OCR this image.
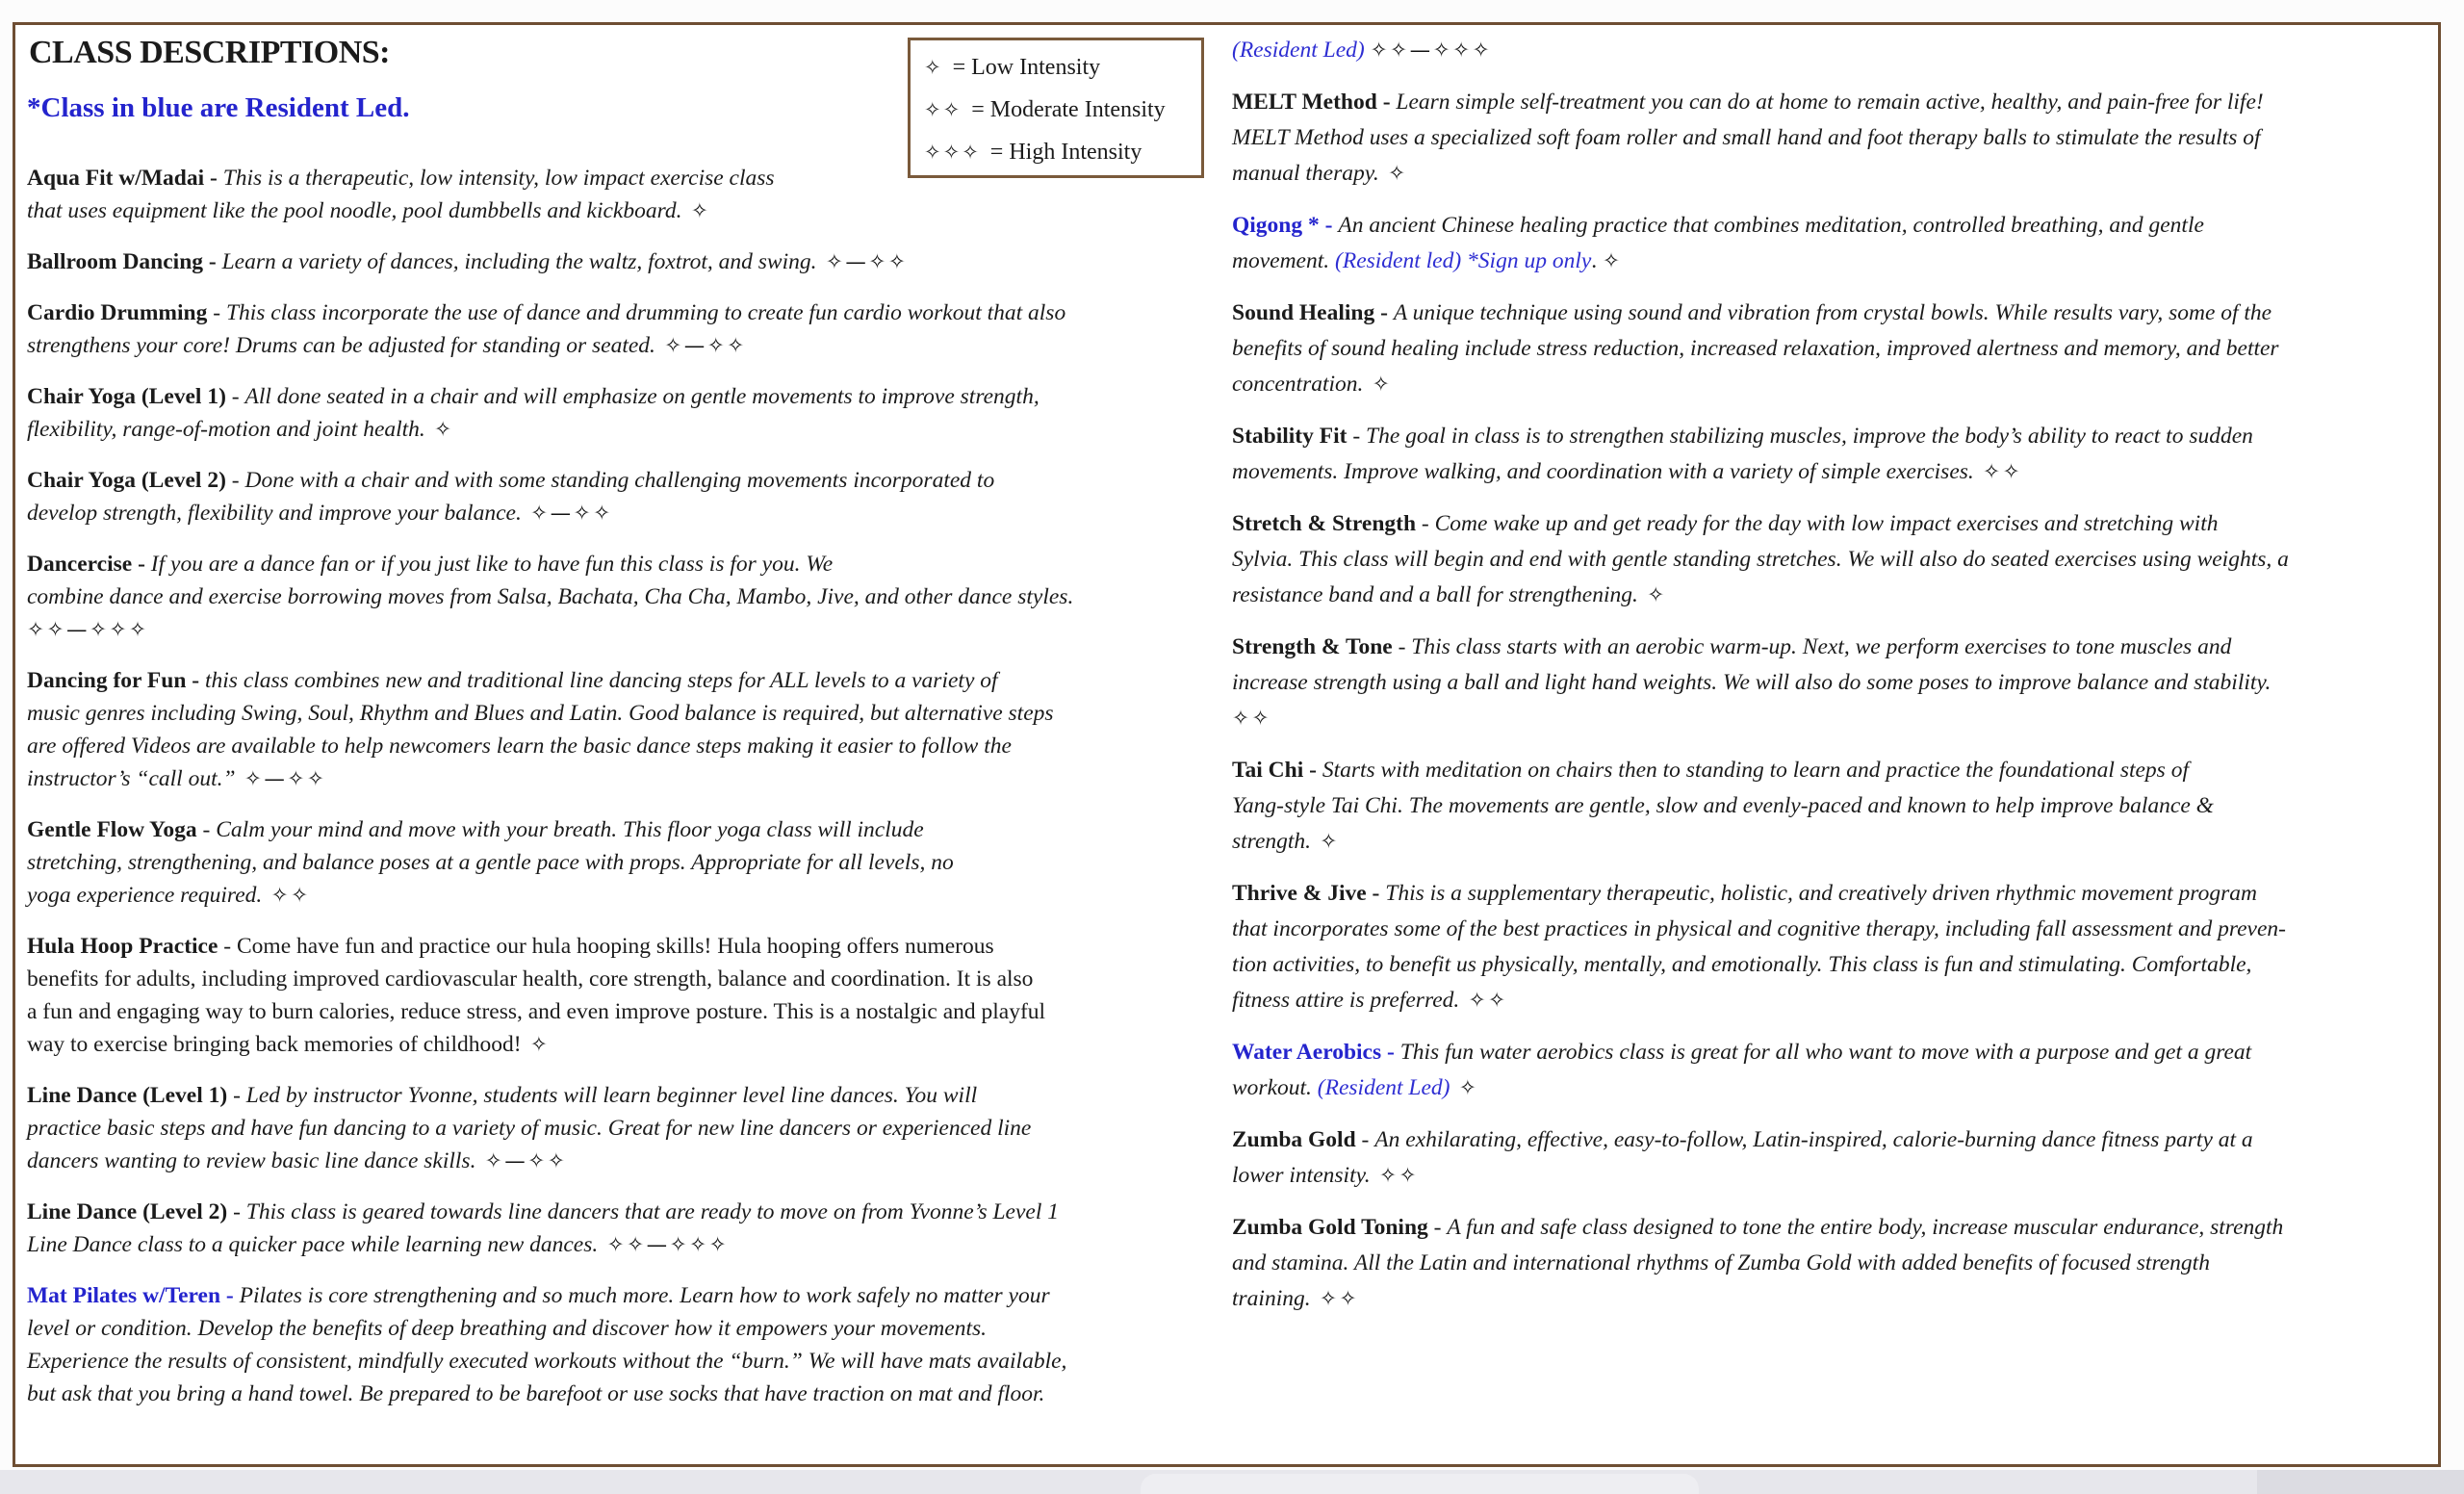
CLASS DESCRIPTIONS:
*Class in blue are Resident Led.
✧ = Low Intensity
✧✧ = Moderate Intensity
✧✧✧ = High Intensity
Aqua Fit w/Madai - This is a therapeutic, low intensity, low impact exercise class
that uses equipment like the pool noodle, pool dumbbells and kickboard. ✧
Ballroom Dancing - Learn a variety of dances, including the waltz, foxtrot, and swing. ✧—✧✧
Cardio Drumming - This class incorporate the use of dance and drumming to create fun cardio workout that also
strengthens your core! Drums can be adjusted for standing or seated. ✧—✧✧
Chair Yoga (Level 1) - All done seated in a chair and will emphasize on gentle movements to improve strength,
flexibility, range-of-motion and joint health. ✧
Chair Yoga (Level 2) - Done with a chair and with some standing challenging movements incorporated to
develop strength, flexibility and improve your balance. ✧—✧✧
Dancercise - If you are a dance fan or if you just like to have fun this class is for you. We
combine dance and exercise borrowing moves from Salsa, Bachata, Cha Cha, Mambo, Jive, and other dance styles.
✧✧—✧✧✧
Dancing for Fun - this class combines new and traditional line dancing steps for ALL levels to a variety of
music genres including Swing, Soul, Rhythm and Blues and Latin. Good balance is required, but alternative steps
are offered Videos are available to help newcomers learn the basic dance steps making it easier to follow the
instructor’s “call out.” ✧—✧✧
Gentle Flow Yoga - Calm your mind and move with your breath. This floor yoga class will include
stretching, strengthening, and balance poses at a gentle pace with props. Appropriate for all levels, no
yoga experience required. ✧✧
Hula Hoop Practice - Come have fun and practice our hula hooping skills! Hula hooping offers numerous
benefits for adults, including improved cardiovascular health, core strength, balance and coordination. It is also
a fun and engaging way to burn calories, reduce stress, and even improve posture. This is a nostalgic and playful
way to exercise bringing back memories of childhood! ✧
Line Dance (Level 1) - Led by instructor Yvonne, students will learn beginner level line dances. You will
practice basic steps and have fun dancing to a variety of music. Great for new line dancers or experienced line
dancers wanting to review basic line dance skills. ✧—✧✧
Line Dance (Level 2) - This class is geared towards line dancers that are ready to move on from Yvonne’s Level 1
Line Dance class to a quicker pace while learning new dances. ✧✧—✧✧✧
Mat Pilates w/Teren - Pilates is core strengthening and so much more. Learn how to work safely no matter your
level or condition. Develop the benefits of deep breathing and discover how it empowers your movements.
Experience the results of consistent, mindfully executed workouts without the “burn.” We will have mats available,
but ask that you bring a hand towel. Be prepared to be barefoot or use socks that have traction on mat and floor.
(Resident Led) ✧✧—✧✧✧
MELT Method - Learn simple self-treatment you can do at home to remain active, healthy, and pain-free for life!
MELT Method uses a specialized soft foam roller and small hand and foot therapy balls to stimulate the results of
manual therapy. ✧
Qigong * - An ancient Chinese healing practice that combines meditation, controlled breathing, and gentle
movement. (Resident led) *Sign up only. ✧
Sound Healing - A unique technique using sound and vibration from crystal bowls. While results vary, some of the
benefits of sound healing include stress reduction, increased relaxation, improved alertness and memory, and better
concentration. ✧
Stability Fit - The goal in class is to strengthen stabilizing muscles, improve the body’s ability to react to sudden
movements. Improve walking, and coordination with a variety of simple exercises. ✧✧
Stretch & Strength - Come wake up and get ready for the day with low impact exercises and stretching with
Sylvia. This class will begin and end with gentle standing stretches. We will also do seated exercises using weights, a
resistance band and a ball for strengthening. ✧
Strength & Tone - This class starts with an aerobic warm-up. Next, we perform exercises to tone muscles and
increase strength using a ball and light hand weights. We will also do some poses to improve balance and stability.
✧✧
Tai Chi - Starts with meditation on chairs then to standing to learn and practice the foundational steps of
Yang-style Tai Chi. The movements are gentle, slow and evenly-paced and known to help improve balance &
strength. ✧
Thrive & Jive - This is a supplementary therapeutic, holistic, and creatively driven rhythmic movement program
that incorporates some of the best practices in physical and cognitive therapy, including fall assessment and preven-
tion activities, to benefit us physically, mentally, and emotionally. This class is fun and stimulating. Comfortable,
fitness attire is preferred. ✧✧
Water Aerobics - This fun water aerobics class is great for all who want to move with a purpose and get a great
workout. (Resident Led) ✧
Zumba Gold - An exhilarating, effective, easy-to-follow, Latin-inspired, calorie-burning dance fitness party at a
lower intensity. ✧✧
Zumba Gold Toning - A fun and safe class designed to tone the entire body, increase muscular endurance, strength
and stamina. All the Latin and international rhythms of Zumba Gold with added benefits of focused strength
training. ✧✧
